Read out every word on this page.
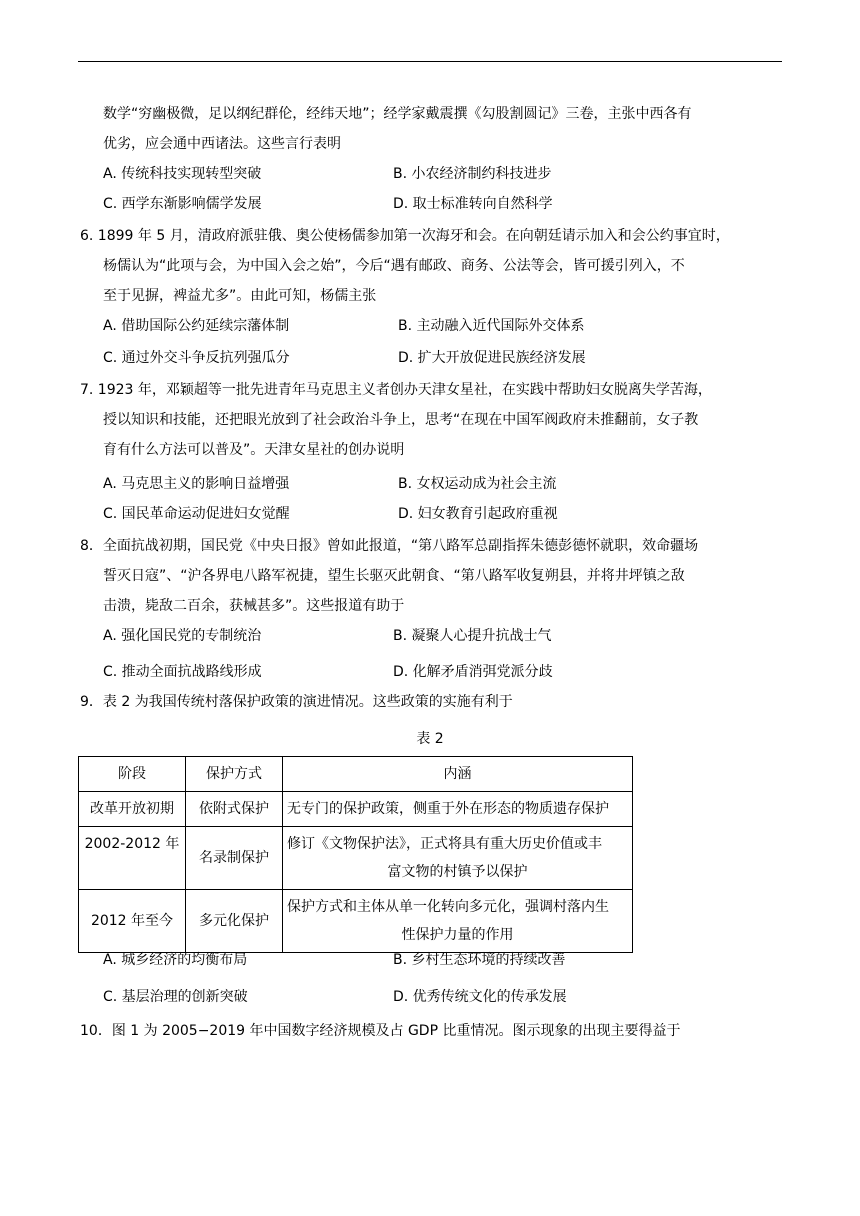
数学“穷幽极微，足以纲纪群伦，经纬天地”；经学家戴震撰《勾股割圆记》三卷，主张中西各有
优劣，应会通中西诸法。这些言行表明
A. 传统科技实现转型突破	B. 小农经济制约科技进步
C. 西学东渐影响儒学发展	D. 取士标准转向自然科学
6. 1899 年 5 月，清政府派驻俄、奥公使杨儒参加第一次海牙和会。在向朝廷请示加入和会公约事宜时，
杨儒认为“此项与会，为中国入会之始”，今后“遇有邮政、商务、公法等会，皆可援引列入，不
至于见摒，裨益尤多”。由此可知，杨儒主张
A. 借助国际公约延续宗藩体制	B. 主动融入近代国际外交体系
C. 通过外交斗争反抗列强瓜分	D. 扩大开放促进民族经济发展
7. 1923 年，邓颖超等一批先进青年马克思主义者创办天津女星社，在实践中帮助妇女脱离失学苦海，
授以知识和技能，还把眼光放到了社会政治斗争上，思考“在现在中国军阀政府未推翻前，女子教
育有什么方法可以普及”。天津女星社的创办说明
A. 马克思主义的影响日益增强	B. 女权运动成为社会主流
C. 国民革命运动促进妇女觉醒	D. 妇女教育引起政府重视
8．全面抗战初期，国民党《中央日报》曾如此报道，“第八路军总副指挥朱德彭德怀就职，效命疆场
誓灭日寇”、“沪各界电八路军祝捷，望生长驱灭此朝食、“第八路军收复朔县，并将井坪镇之敌
击溃，毙敌二百余，获械甚多”。这些报道有助于
A. 强化国民党的专制统治	B. 凝聚人心提升抗战士气
C. 推动全面抗战路线形成	D. 化解矛盾消弭党派分歧
9．表 2 为我国传统村落保护政策的演进情况。这些政策的实施有利于
A. 城乡经济的均衡布局	B. 乡村生态环境的持续改善
C. 基层治理的创新突破	D. 优秀传统文化的传承发展
10．图 1 为 2005−2019 年中国数字经济规模及占 GDP 比重情况。图示现象的出现主要得益于
表 2
阶段	保护方式	内涵
改革开放初期	依附式保护	无专门的保护政策，侧重于外在形态的物质遗存保护

2002-2012 年	名录制保护	修订《文物保护法》，正式将具有重大历史价值或丰
富文物的村镇予以保护

2012 年至今	多元化保护	保护方式和主体从单一化转向多元化，强调村落内生
性保护力量的作用
